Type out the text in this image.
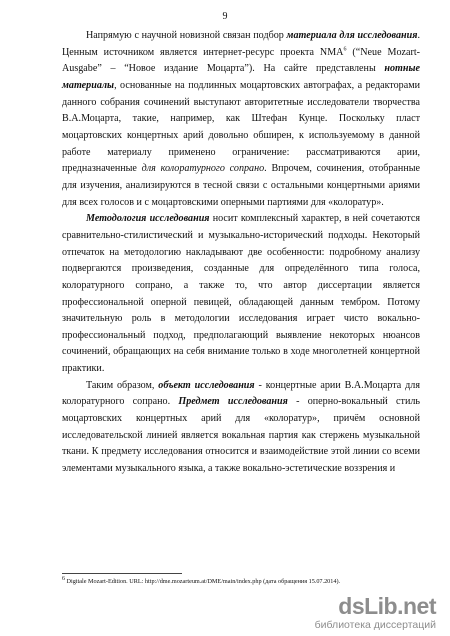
9

Напрямую с научной новизной связан подбор материала для исследования. Ценным источником является интернет-ресурс проекта NMA$^6$ (“Neue Mozart-Ausgabe” – “Новое издание Моцарта”). На сайте представлены нотные материалы, основанные на подлинных моцартовских автографах, а редакторами данного собрания сочинений выступают авторитетные исследователи творчества В.А.Моцарта, такие, например, как Штефан Кунце. Поскольку пласт моцартовских концертных арий довольно обширен, к используемому в данной работе материалу применено ограничение: рассматриваются арии, предназначенные для колоратурного сопрано. Впрочем, сочинения, отобранные для изучения, анализируются в тесной связи с остальными концертными ариями для всех голосов и с моцартовскими оперными партиями для «колоратур».

Методология исследования носит комплексный характер, в ней сочетаются сравнительно-стилистический и музыкально-исторический подходы. Некоторый отпечаток на методологию накладывают две особенности: подробному анализу подвергаются произведения, созданные для определённого типа голоса, колоратурного сопрано, а также то, что автор диссертации является профессиональной оперной певицей, обладающей данным тембром. Потому значительную роль в методологии исследования играет чисто вокально-профессиональный подход, предполагающий выявление некоторых нюансов сочинений, обращающих на себя внимание только в ходе многолетней концертной практики.

Таким образом, объект исследования - концертные арии В.А.Моцарта для колоратурного сопрано. Предмет исследования - оперно-вокальный стиль моцартовских концертных арий для «колоратур», причём основной исследовательской линией является вокальная партия как стержень музыкальной ткани. К предмету исследования относится и взаимодействие этой линии со всеми элементами музыкального языка, а также вокально-эстетические воззрения и

$^6$ Digitale Mozart-Edition. URL: http://dme.mozarteum.at/DME/main/index.php (дата обращения 15.07.2014).
dsLib.net
библиотека диссертаций
